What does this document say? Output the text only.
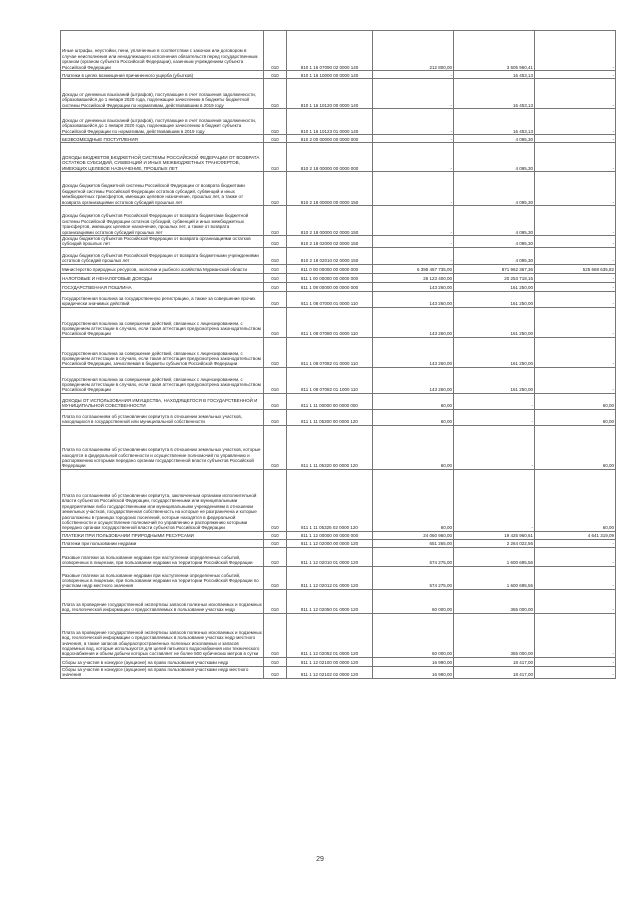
Иные штрафы, неустойки, пени, уплаченные в соответствии с законом или договором в случае неисполнения или ненадлежащего исполнения обязательств перед государственным органом (органом субъекта Российской Федерации), казенным учреждением субъекта Российской Федерации	010	810 1 16 07090 02 0000 140	212 800,00	3 505 960,41	-
Платежи в целях возмещения причиненного ущерба (убытков)	010	810 1 16 10000 00 0000 140	-	16 453,13	-
Доходы от денежных взысканий (штрафов), поступающие в счет погашения задолженности, образовавшейся до 1 января 2020 года, подлежащие зачислению в бюджеты бюджетной системы Российской Федерации по нормативам, действовавшим в 2019 году	010	810 1 16 10120 00 0000 140	-	16 453,13	-
Доходы от денежных взысканий (штрафов), поступающие в счет погашения задолженности, образовавшейся до 1 января 2020 года, подлежащие зачислению в бюджет субъекта Российской Федерации по нормативам, действовавшим в 2019 году	010	810 1 16 10123 01 0000 140	-	16 453,13	-
БЕЗВОЗМЕЗДНЫЕ ПОСТУПЛЕНИЯ	010	810 2 00 00000 00 0000 000	-	4 095,30	-
ДОХОДЫ БЮДЖЕТОВ БЮДЖЕТНОЙ СИСТЕМЫ РОССИЙСКОЙ ФЕДЕРАЦИИ ОТ ВОЗВРАТА ОСТАТКОВ СУБСИДИЙ, СУБВЕНЦИЙ И ИНЫХ МЕЖБЮДЖЕТНЫХ ТРАНСФЕРТОВ, ИМЕЮЩИХ ЦЕЛЕВОЕ НАЗНАЧЕНИЕ, ПРОШЛЫХ ЛЕТ	010	810 2 18 00000 00 0000 000	-	4 095,30	-
Доходы бюджетов бюджетной системы Российской Федерации от возврата бюджетами бюджетной системы Российской Федерации остатков субсидий, субвенций и иных межбюджетных трансфертов, имеющих целевое назначение, прошлых лет, а также от возврата организациями остатков субсидий прошлых лет	010	810 2 18 00000 00 0000 150	-	4 095,30	-
Доходы бюджетов субъектов Российской Федерации от возврата бюджетами бюджетной системы Российской Федерации остатков субсидий, субвенций и иных межбюджетных трансфертов, имеющих целевое назначение, прошлых лет, а также от возврата организациями остатков субсидий прошлых лет	010	810 2 18 00000 02 0000 150	-	4 095,30	-
Доходы бюджетов субъектов Российской Федерации от возврата организациями остатков субсидий прошлых лет	010	810 2 18 02000 02 0000 150	-	4 095,30	-
Доходы бюджетов субъектов Российской Федерации от возврата бюджетными учреждениями остатков субсидий прошлых лет	010	810 2 18 02010 02 0000 150	-	4 095,30	-
Министерство природных ресурсов, экологии и рыбного хозяйства Мурманской области	010	811 0 00 00000 00 0000 000	6 395 457 735,00	871 962 367,36	525 668 635,82
НАЛОГОВЫЕ И НЕНАЛОГОВЫЕ ДОХОДЫ	010	811 1 00 00000 00 0000 000	26 123 400,00	20 253 718,15	-
ГОСУДАРСТВЕННАЯ ПОШЛИНА	010	811 1 08 00000 00 0000 000	143 260,00	161 250,00	-
Государственная пошлина за государственную регистрацию, а также за совершение прочих юридически значимых действий	010	811 1 08 07000 01 0000 110	143 260,00	161 250,00	-
Государственная пошлина за совершение действий, связанных с лицензированием, с проведением аттестации в случаях, если такая аттестация предусмотрена законодательством Российской Федерации	010	811 1 08 07080 01 0000 110	143 260,00	161 250,00	-
Государственная пошлина за совершение действий, связанных с лицензированием, с проведением аттестации в случаях, если такая аттестация предусмотрена законодательством Российской Федерации, зачисляемая в бюджеты субъектов Российской Федерации	010	811 1 08 07082 01 0000 110	143 260,00	161 250,00	-
Государственная пошлина за совершение действий, связанных с лицензированием, с проведением аттестации в случаях, если такая аттестация предусмотрена законодательством Российской Федерации	010	811 1 08 07082 01 1000 110	143 260,00	161 250,00	-
ДОХОДЫ ОТ ИСПОЛЬЗОВАНИЯ ИМУЩЕСТВА, НАХОДЯЩЕГОСЯ В ГОСУДАРСТВЕННОЙ И МУНИЦИПАЛЬНОЙ СОБСТВЕННОСТИ	010	811 1 11 00000 00 0000 000	60,00	-	60,00
Плата по соглашениям об установлении сервитута в отношении земельных участков, находящихся в государственной или муниципальной собственности	010	811 1 11 05300 00 0000 120	60,00	-	60,00
Плата по соглашениям об установлении сервитута в отношении земельных участков, которые находятся в федеральной собственности и осуществление полномочий по управлению и распоряжению которыми передано органам государственной власти субъектов Российской Федерации	010	811 1 11 05320 00 0000 120	60,00	-	60,00
Плата по соглашениям об установлении сервитута, заключенным органами исполнительной власти субъектов Российской Федерации, государственными или муниципальными предприятиями либо государственными или муниципальными учреждениями в отношении земельных участков, государственная собственность на которые не разграничена и которые расположены в границах городских поселений, которые находятся в федеральной собственности и осуществление полномочий по управлению и распоряжению которыми передано органам государственной власти субъектов Российской Федерации	010	811 1 11 05326 02 0000 120	60,00	-	60,00
ПЛАТЕЖИ ПРИ ПОЛЬЗОВАНИИ ПРИРОДНЫМИ РЕСУРСАМИ	010	811 1 12 00000 00 0000 000	24 060 960,00	19 425 960,61	4 641 319,09
Платежи при пользовании недрами	010	811 1 12 02000 00 0000 120	651 265,00	2 264 022,56	-
Разовые платежи за пользование недрами при наступлении определенных событий, оговоренных в лицензии, при пользовании недрами на территории Российской Федерации	010	811 1 12 02010 01 0000 120	574 275,00	1 600 695,56	-
Разовые платежи за пользование недрами при наступлении определенных событий, оговоренных в лицензии, при пользовании недрами на территории Российской Федерации по участкам недр местного значения	010	811 1 12 02012 01 0000 120	574 275,00	1 600 695,56	-
Плата за проведение государственной экспертизы запасов полезных ископаемых и подземных вод, геологической информации о предоставляемых в пользование участках недр	010	811 1 12 02050 01 0000 120	60 000,00	365 000,00	-
Плата за проведение государственной экспертизы запасов полезных ископаемых и подземных вод, геологической информации о предоставляемых в пользование участках недр местного значения, а также запасов общераспространенных полезных ископаемых и запасов подземных вод, которые используются для целей питьевого водоснабжения или технического водоснабжения и объем добычи которых составляет не более 500 кубических метров в сутки	010	811 1 12 02052 01 0000 120	60 000,00	365 000,00	-
Сборы за участие в конкурсе (аукционе) на право пользования участками недр	010	811 1 12 02100 00 0000 120	16 990,00	18 417,00	-
Сборы за участие в конкурсе (аукционе) на право пользования участками недр местного значения	010	811 1 12 02102 02 0000 120	16 990,00	18 417,00	-
29
